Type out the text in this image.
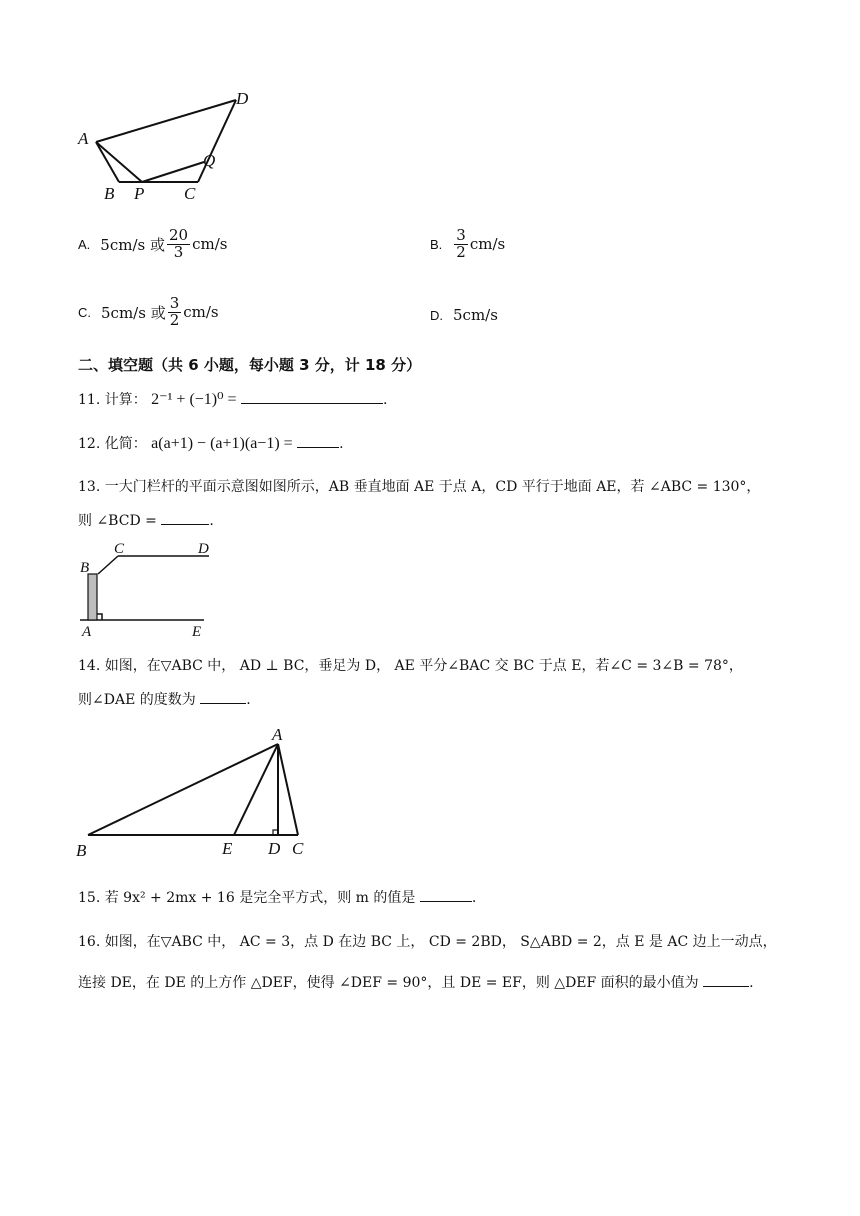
A
D
Q
B P C
A. 5cm/s 或 $\frac{20}{3} cm/s$	B. $\frac{3}{2} cm/s$
C. 5cm/s 或 $\frac{3}{2} cm/s$	D. 5cm/s
二、填空题（共 6 小题，每小题 3 分，计 18 分）
11. 计算： 2⁻¹ + (−1)⁰ =	.
12. 化简： a(a+1) − (a+1)(a−1) =	.
13. 一大门栏杆的平面示意图如图所示，AB 垂直地面 AE 于点 A，CD 平行于地面 AE，若 ∠ABC = 130°，
则 ∠BCD =	.
B
C	D
A	E
14. 如图，在▽ABC 中， AD ⊥ BC，垂足为 D， AE 平分∠BAC 交 BC 于点 E，若∠C = 3∠B = 78°，
则∠DAE 的度数为	.
A
B	E D C
15. 若 9x² + 2mx + 16 是完全平方式，则 m 的值是	.
16. 如图，在▽ABC 中， AC = 3，点 D 在边 BC 上， CD = 2BD， S△ABD = 2，点 E 是 AC 边上一动点，
连接 DE，在 DE 的上方作 △DEF，使得 ∠DEF = 90°，且 DE = EF，则 △DEF 面积的最小值为	.
